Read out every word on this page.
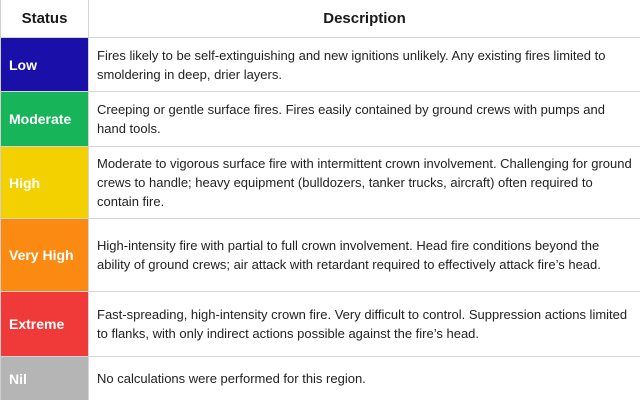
Status	Description
Low
Fires likely to be self-extinguishing and new ignitions unlikely. Any existing fires limited to smoldering in deep, drier layers.
Moderate
Creeping or gentle surface fires. Fires easily contained by ground crews with pumps and hand tools.
High
Moderate to vigorous surface fire with intermittent crown involvement. Challenging for ground crews to handle; heavy equipment (bulldozers, tanker trucks, aircraft) often required to contain fire.
Very High
High-intensity fire with partial to full crown involvement. Head fire conditions beyond the ability of ground crews; air attack with retardant required to effectively attack fire’s head.
Extreme
Fast-spreading, high-intensity crown fire. Very difficult to control. Suppression actions limited to flanks, with only indirect actions possible against the fire’s head.
Nil	No calculations were performed for this region.
